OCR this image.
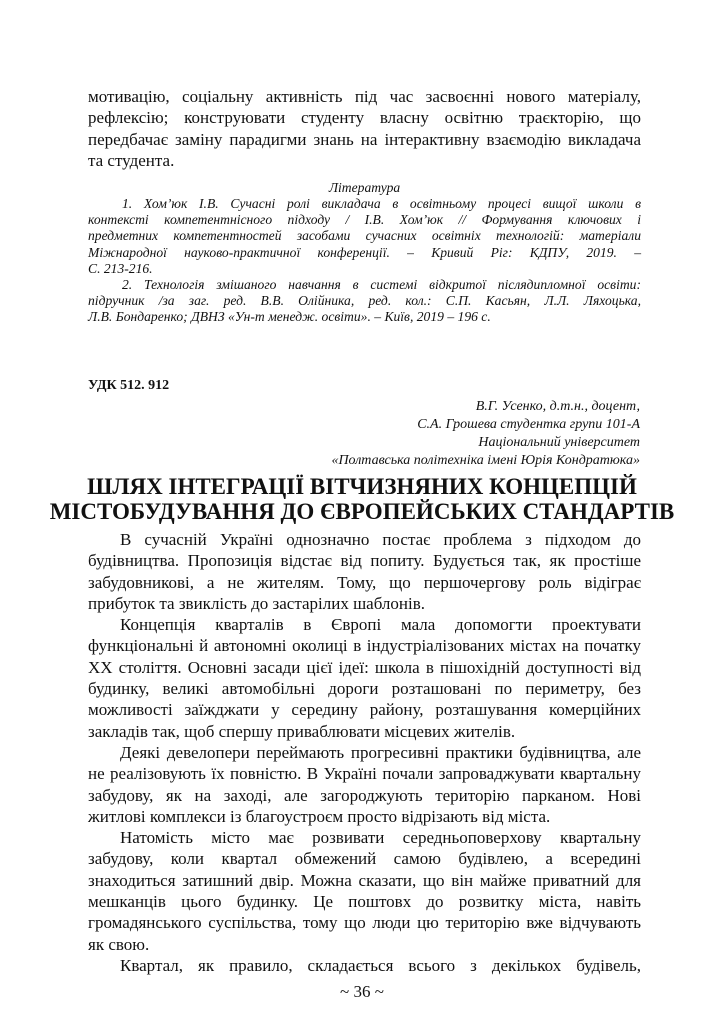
мотивацію, соціальну активність під час засвоєнні нового матеріалу,
рефлексію; конструювати студенту власну освітню траєкторію, що
передбачає заміну парадигми знань на інтерактивну взаємодію викладача
та студента.
Література
1. Хом’юк І.В. Сучасні ролі викладача в освітньому процесі вищої школи в
контексті компетентнісного підходу / І.В. Хом’юк // Формування ключових і
предметних компетентностей засобами сучасних освітніх технологій: матеріали
Міжнародної науково-практичної конференції. – Кривий Ріг: КДПУ, 2019. –
С. 213-216.
2. Технологія змішаного навчання в системі відкритої післядипломної освіти:
підручник /за заг. ред. В.В. Олійника, ред. кол.: С.П. Касьян, Л.Л. Ляхоцька,
Л.В. Бондаренко; ДВНЗ «Ун-т менедж. освіти». – Київ, 2019 – 196 с.
УДК 512. 912
В.Г. Усенко, д.т.н., доцент,
С.А. Грошева студентка групи 101-А
Національний університет
«Полтавська політехніка імені Юрія Кондратюка»
ШЛЯХ ІНТЕГРАЦІЇ ВІТЧИЗНЯНИХ КОНЦЕПЦІЙ
МІСТОБУДУВАННЯ ДО ЄВРОПЕЙСЬКИХ СТАНДАРТІВ
В сучасній Україні однозначно постає проблема з підходом до
будівництва. Пропозиція відстає від попиту. Будується так, як простіше
забудовникові, а не жителям. Тому, що першочергову роль відіграє
прибуток та звиклість до застарілих шаблонів.
Концепція кварталів в Європі мала допомогти проектувати
функціональні й автономні околиці в індустріалізованих містах на початку
XX століття. Основні засади цієї ідеї: школа в пішохідній доступності від
будинку, великі автомобільні дороги розташовані по периметру, без
можливості заїжджати у середину району, розташування комерційних
закладів так, щоб спершу приваблювати місцевих жителів.
Деякі девелопери переймають прогресивні практики будівництва, але
не реалізовують їх повністю. В Україні почали запроваджувати квартальну
забудову, як на заході, але загороджують територію парканом. Нові
житлові комплекси із благоустроєм просто відрізають від міста.
Натомість місто має розвивати середньоповерхову квартальну
забудову, коли квартал обмежений самою будівлею, а всередині
знаходиться затишний двір. Можна сказати, що він майже приватний для
мешканців цього будинку. Це поштовх до розвитку міста, навіть
громадянського суспільства, тому що люди цю територію вже відчувають
як свою.
Квартал, як правило, складається всього з декількох будівель,
~ 36 ~
